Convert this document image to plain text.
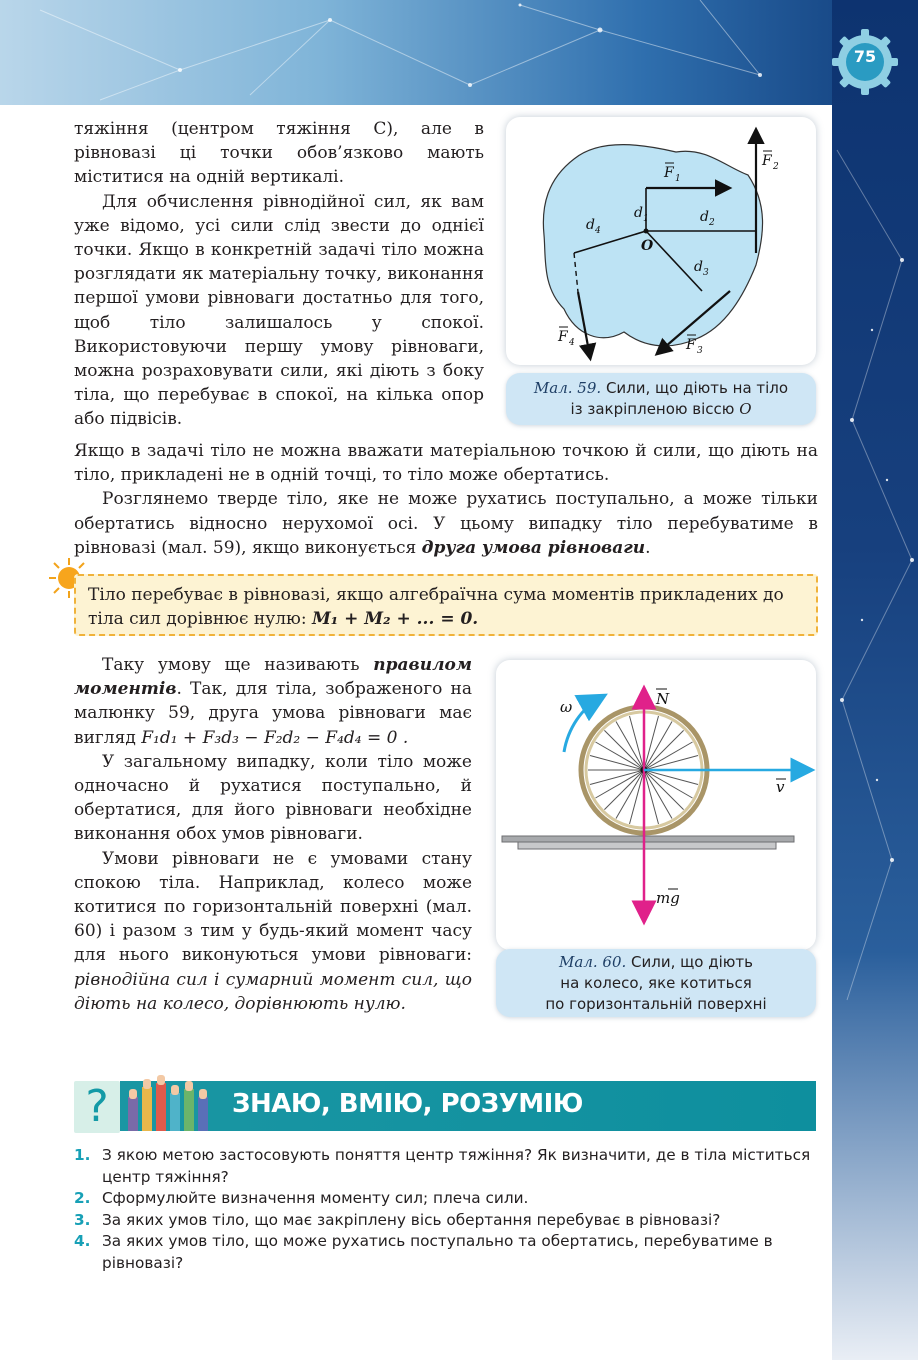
75

тяжіння (центром тяжіння C), але в рівновазі ці точки обов’язково мають міститися на одній вертикалі.

Для обчислення рівнодійної сил, як вам уже відомо, усі сили слід звести до однієї точки. Якщо в конкретній задачі тіло можна розглядати як матеріальну точку, виконання першої умови рівноваги достатньо для того, щоб тіло залишалось у спокої. Використовуючи першу умову рівноваги, можна розраховувати сили, які діють з боку тіла, що перебуває в спокої, на кілька опор або підвісів.

F 1
F 2
F 3
F 4
d 1	d 2
d 3
d 4
O
Мал. 59. Сили, що діють на тіло
із закріпленою віссю O

Якщо в задачі тіло не можна вважати матеріальною точкою й сили, що діють на тіло, прикладені не в одній точці, то тіло може обертатись.

Розглянемо тверде тіло, яке не може рухатись поступально, а може тільки обертатись відносно нерухомої осі. У цьому випадку тіло перебуватиме в рівновазі (мал. 59), якщо виконується друга умова рівноваги.

Тіло перебуває в рівновазі, якщо алгебраїчна сума моментів прикладених до тіла сил дорівнює нулю: M₁ + M₂ + ... = 0.

Таку умову ще називають правилом моментів. Так, для тіла, зображеного на малюнку 59, друга умова рівноваги має вигляд F₁d₁ + F₃d₃ − F₂d₂ − F₄d₄ = 0 .

У загальному випадку, коли тіло може одночасно й рухатися поступально, й обертатися, для його рівноваги необхідне виконання обох умов рівноваги.

Умови рівноваги не є умовами стану спокою тіла. Наприклад, колесо може котитися по горизонтальній поверхні (мал. 60) і разом з тим у будь-який момент часу для нього виконуються умови рівноваги: рівнодійна сил і сумарний момент сил, що діють на колесо, дорівнюють нулю.

ω	N
v
mg
Мал. 60. Сили, що діють
на колесо, яке котиться
по горизонтальній поверхні
?	ЗНАЮ, ВМІЮ, РОЗУМІЮ
1. З якою метою застосовують поняття центр тяжіння? Як визначити, де в тіла міститься центр тяжіння?
2. Сформулюйте визначення моменту сил; плеча сили.
3. За яких умов тіло, що має закріплену вісь обертання перебуває в рівновазі?
4. За яких умов тіло, що може рухатись поступально та обертатись, перебуватиме в рівновазі?
